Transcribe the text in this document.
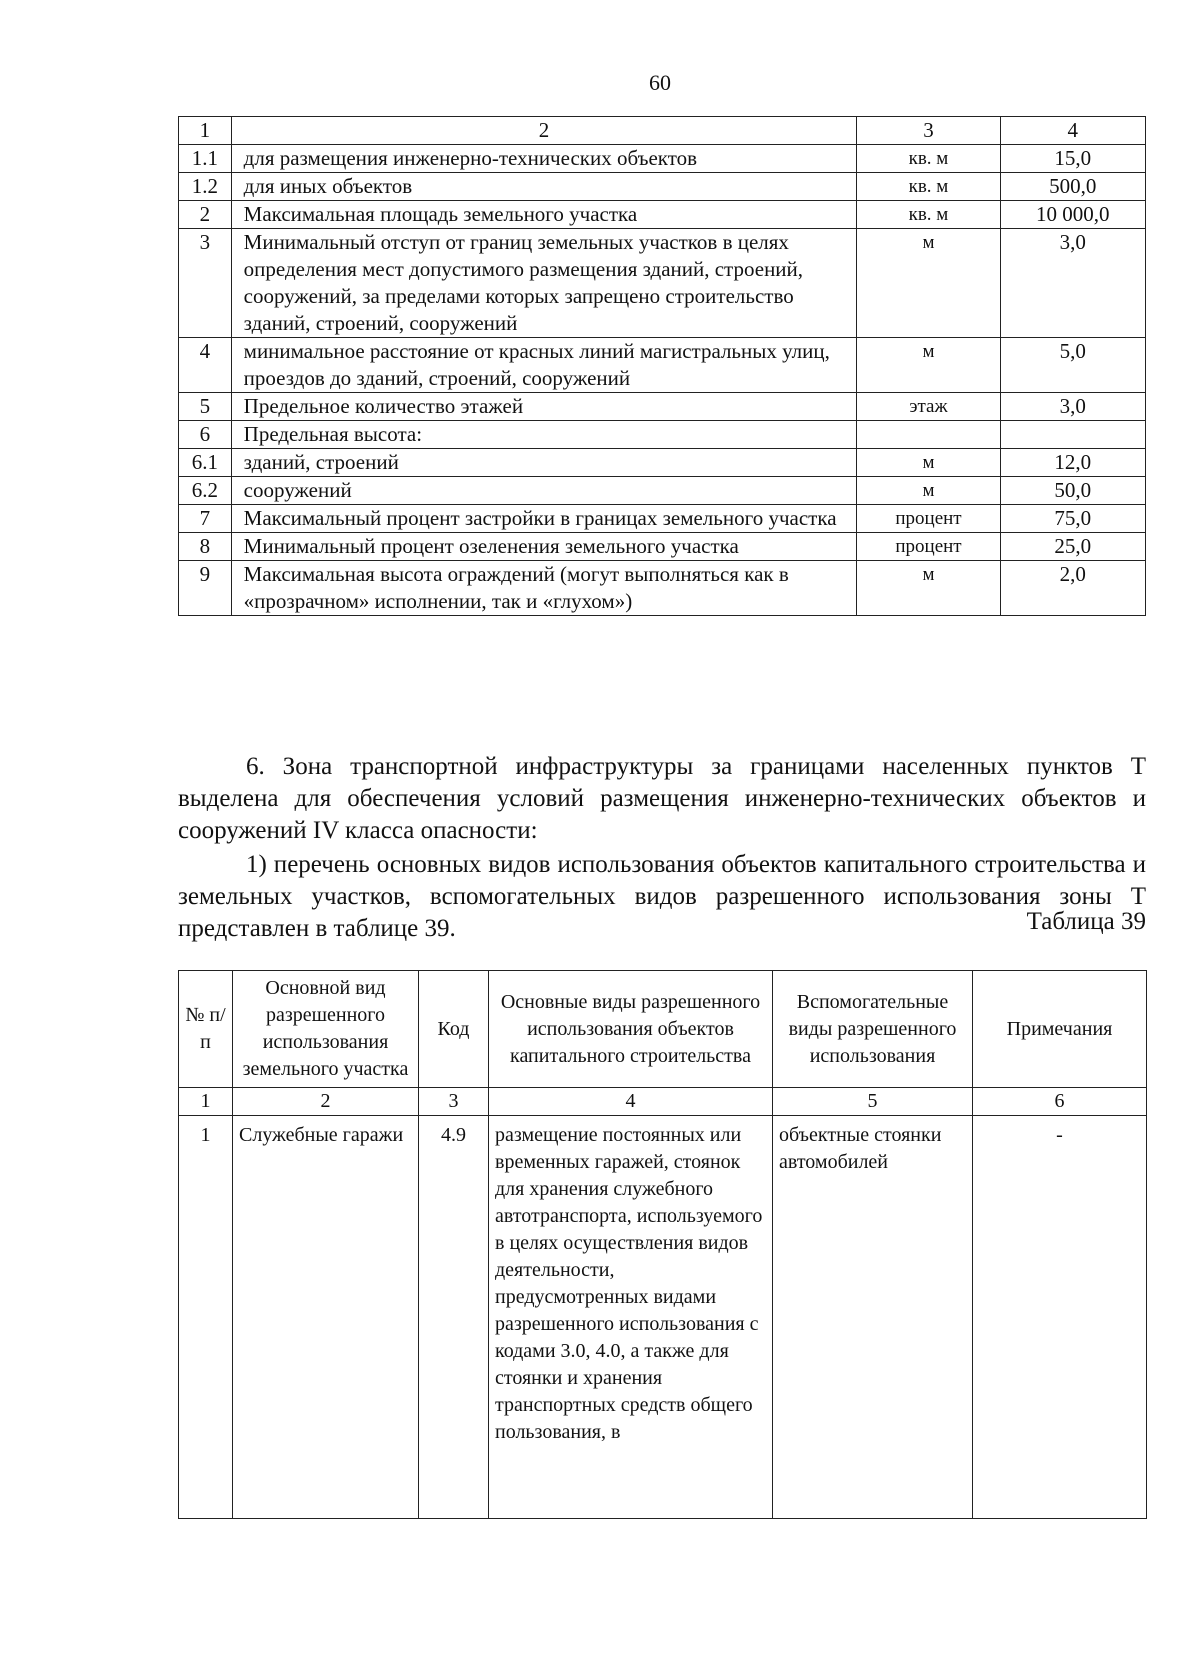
60
1	2	3	4
1.1	для размещения инженерно-технических объектов	кв. м	15,0
1.2	для иных объектов	кв. м	500,0
2	Максимальная площадь земельного участка	кв. м	10 000,0
3	Минимальный отступ от границ земельных участков в целях определения мест допустимого размещения зданий, строений, сооружений, за пределами которых запрещено строительство зданий, строений, сооружений	м	3,0
4	минимальное расстояние от красных линий магистральных улиц, проездов до зданий, строений, сооружений	м	5,0
5	Предельное количество этажей	этаж	3,0
6	Предельная высота:		
6.1	зданий, строений	м	12,0
6.2	сооружений	м	50,0
7	Максимальный процент застройки в границах земельного участка	процент	75,0
8	Минимальный процент озеленения земельного участка	процент	25,0
9	Максимальная высота ограждений (могут выполняться как в «прозрачном» исполнении, так и «глухом»)	м	2,0

6. Зона транспортной инфраструктуры за границами населенных пунктов Т выделена для обеспечения условий размещения инженерно-технических объектов и сооружений IV класса опасности:

1) перечень основных видов использования объектов капитального строительства и земельных участков, вспомогательных видов разрешенного использования зоны Т представлен в таблице 39.	Таблица 39
№ п/п	Основной вид разрешенного использования земельного участка	Код	Основные виды разрешенного использования объектов капитального строительства	Вспомогательные виды разрешенного использования	Примечания
1	2	3	4	5	6
1	Служебные гаражи	4.9	размещение постоянных или временных гаражей, стоянок для хранения служебного автотранспорта, используемого в целях осуществления видов деятельности, предусмотренных видами разрешенного использования с кодами 3.0, 4.0, а также для стоянки и хранения транспортных средств общего пользования, в	объектные стоянки автомобилей	-
